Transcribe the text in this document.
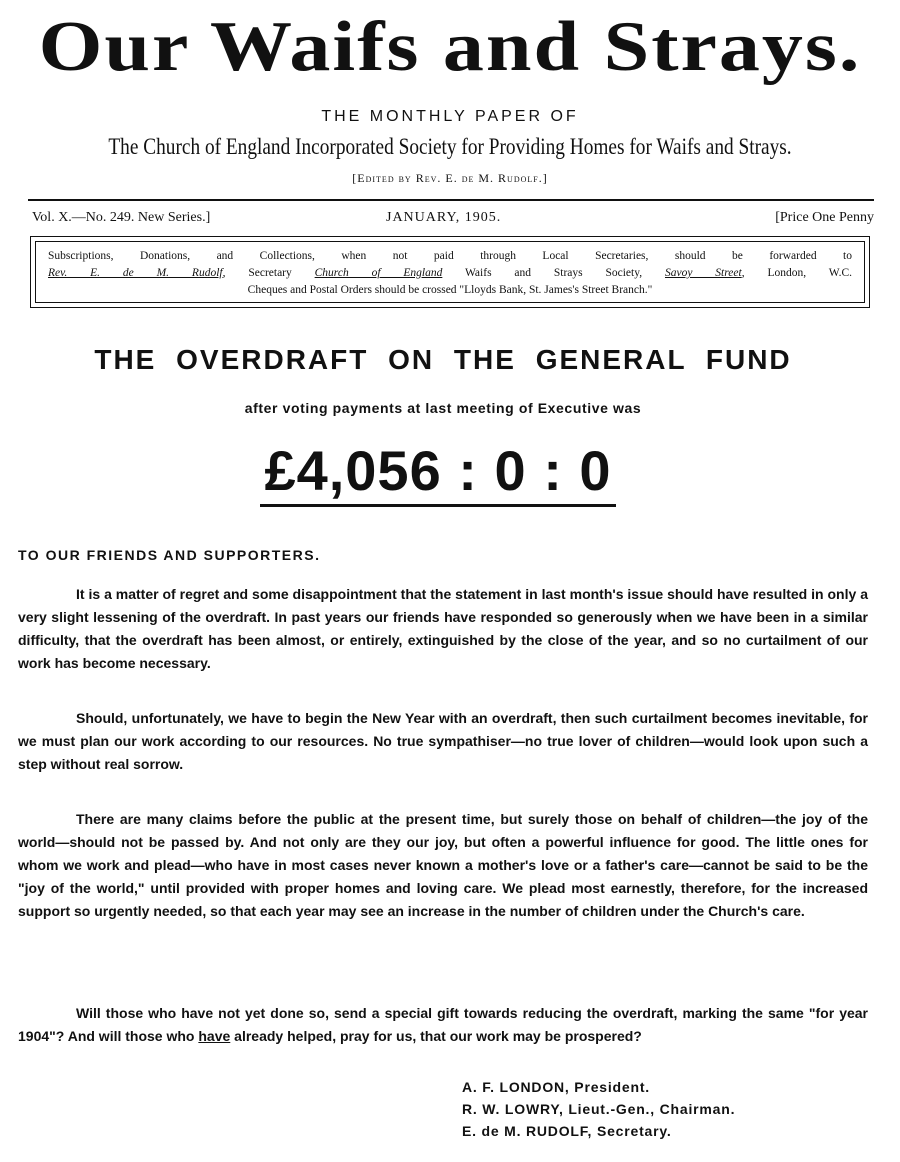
Our Waifs and Strays.
THE MONTHLY PAPER OF
The Church of England Incorporated Society for Providing Homes for Waifs and Strays.
[Edited by Rev. E. de M. Rudolf.]
Vol. X.—No. 249. New Series.]	JANUARY, 1905.	[Price One Penny
Subscriptions, Donations, and Collections, when not paid through Local Secretaries, should be forwarded to
Rev. E. de M. Rudolf, Secretary Church of England Waifs and Strays Society, Savoy Street, London, W.C.
Cheques and Postal Orders should be crossed "Lloyds Bank, St. James's Street Branch."
THE OVERDRAFT ON THE GENERAL FUND
after voting payments at last meeting of Executive was
£4,056 : 0 : 0
TO OUR FRIENDS AND SUPPORTERS.

It is a matter of regret and some disappointment that the statement in last month's issue should have resulted in only a very slight lessening of the overdraft. In past years our friends have responded so generously when we have been in a similar difficulty, that the overdraft has been almost, or entirely, extinguished by the close of the year, and so no curtailment of our work has become necessary.

Should, unfortunately, we have to begin the New Year with an overdraft, then such curtailment becomes inevitable, for we must plan our work according to our resources. No true sympathiser—no true lover of children—would look upon such a step without real sorrow.

There are many claims before the public at the present time, but surely those on behalf of children—the joy of the world—should not be passed by. And not only are they our joy, but often a powerful influence for good. The little ones for whom we work and plead—who have in most cases never known a mother's love or a father's care—cannot be said to be the "joy of the world," until provided with proper homes and loving care. We plead most earnestly, therefore, for the increased support so urgently needed, so that each year may see an increase in the number of children under the Church's care.

Will those who have not yet done so, send a special gift towards reducing the overdraft, marking the same "for year 1904"? And will those who have already helped, pray for us, that our work may be prospered?

A. F. LONDON, President.
R. W. LOWRY, Lieut.-Gen., Chairman.
E. de M. RUDOLF, Secretary.
